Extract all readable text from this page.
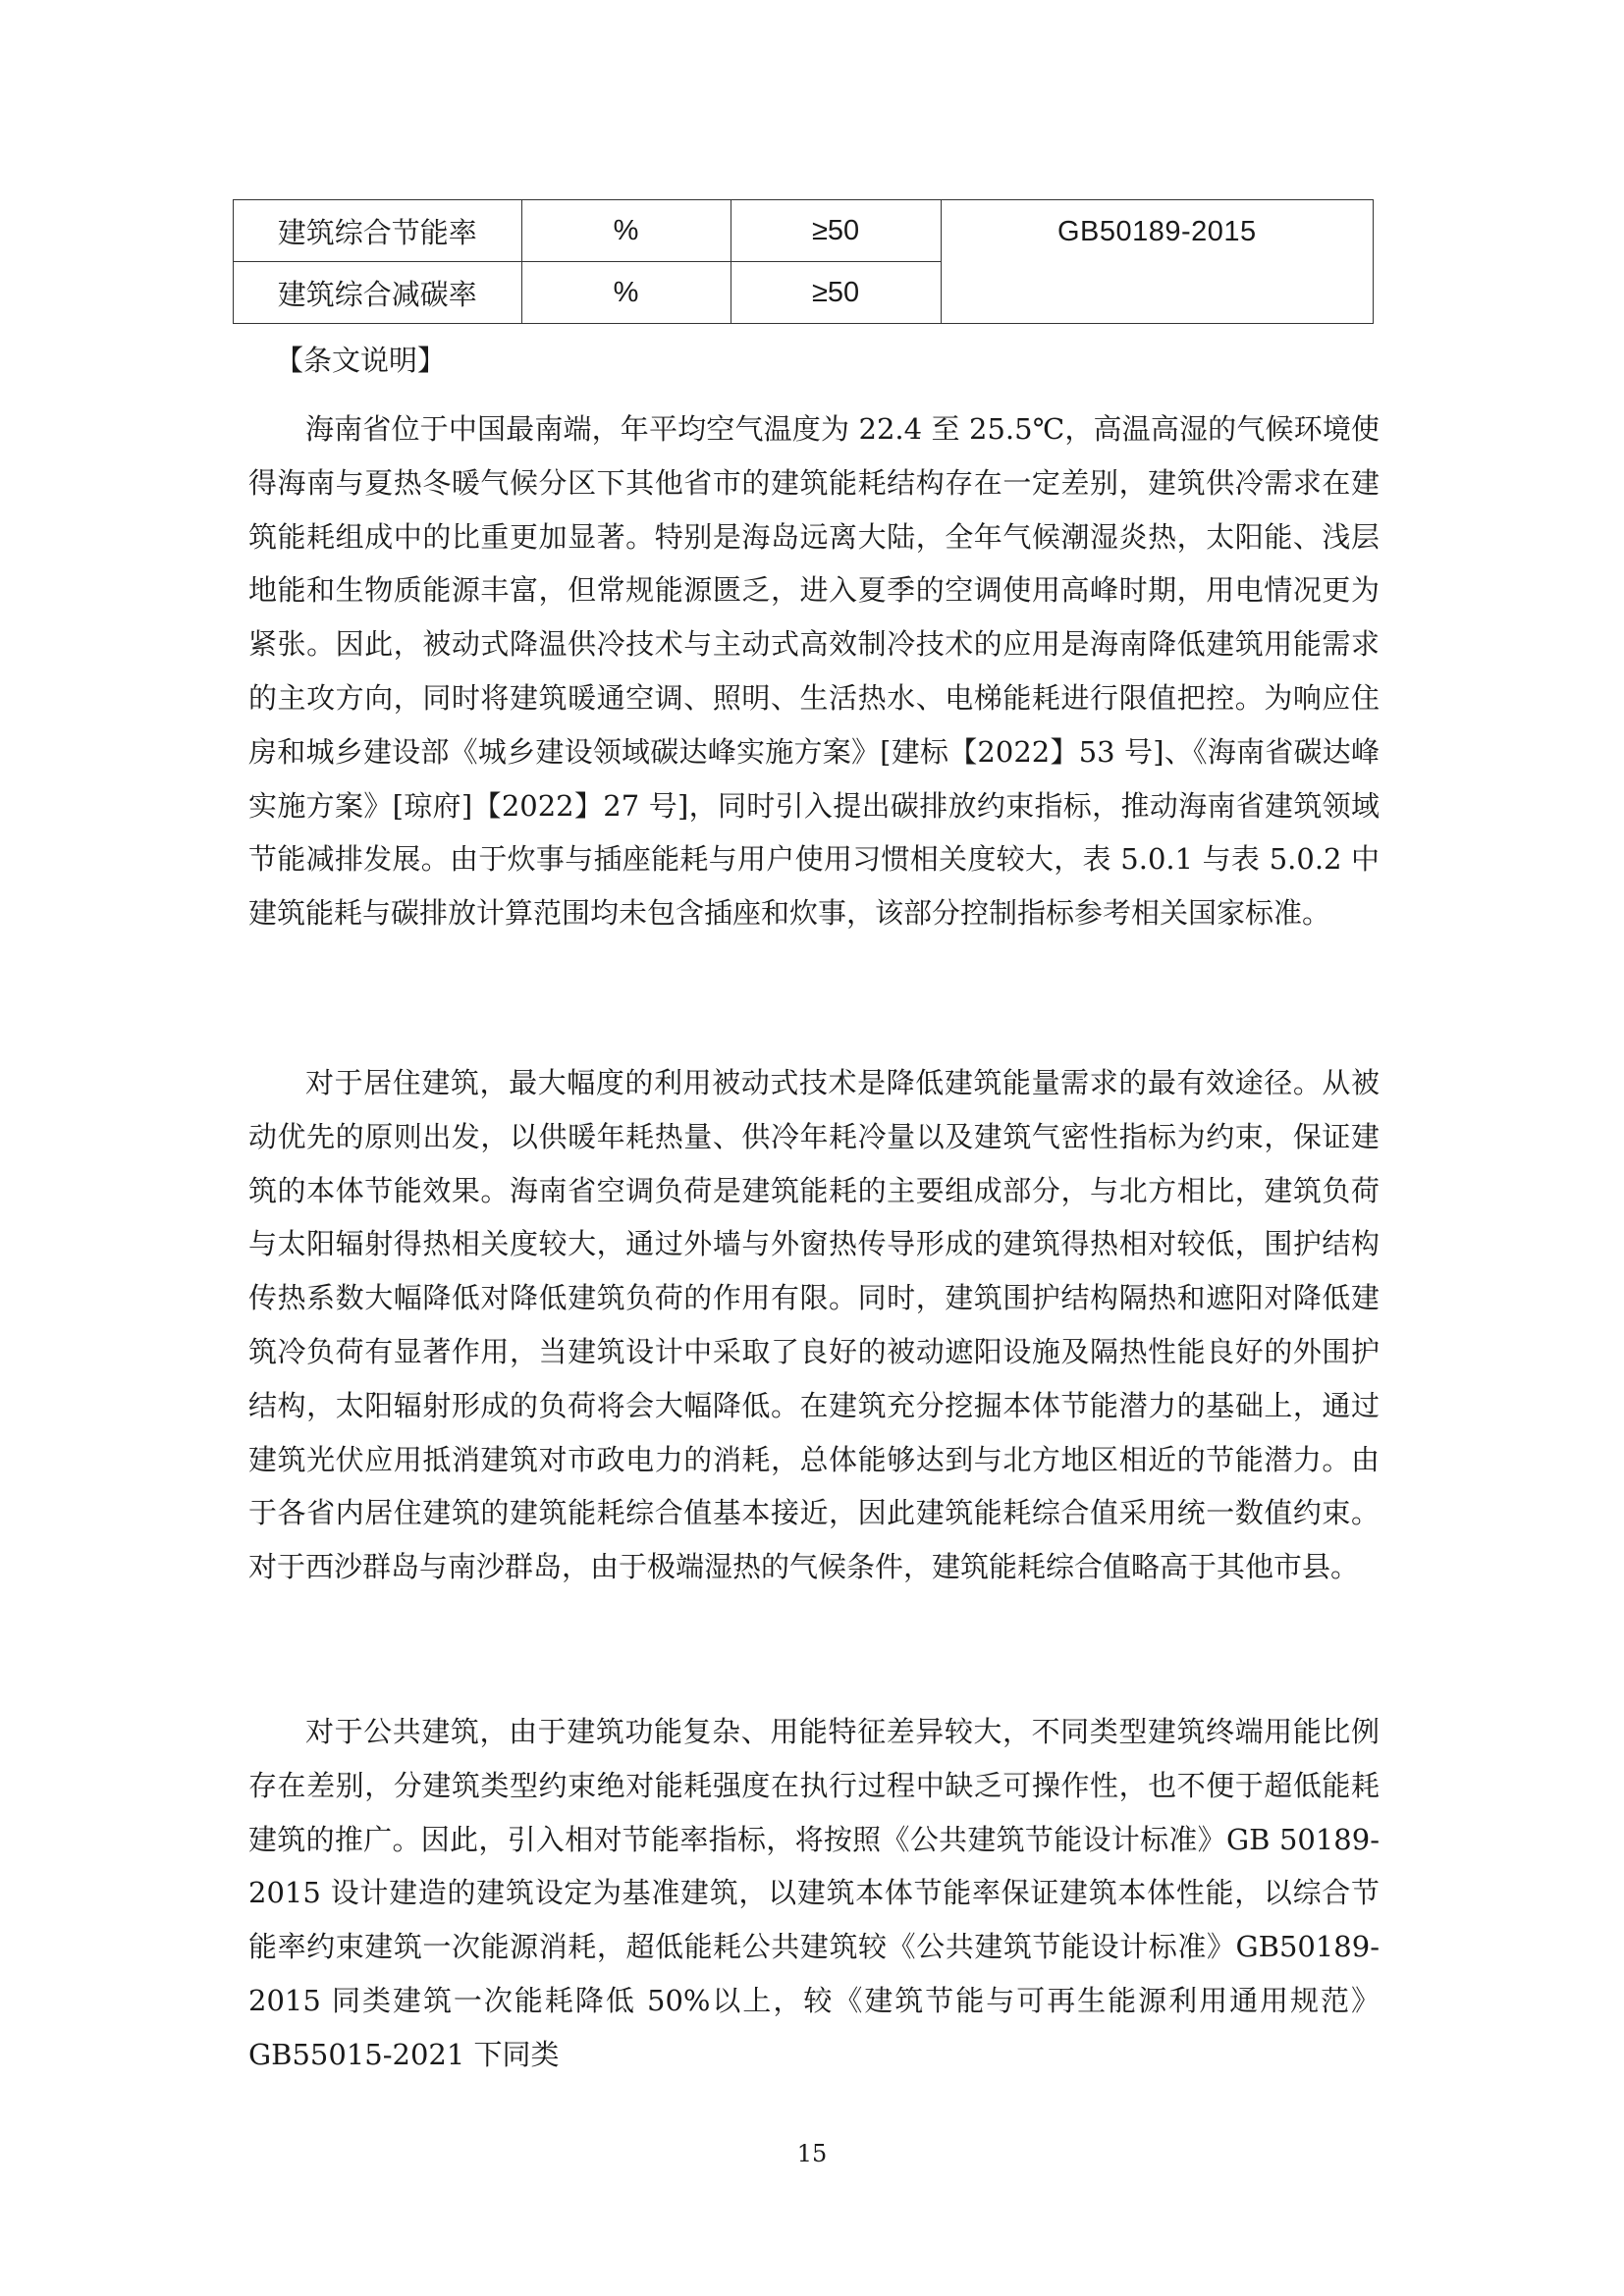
建筑综合节能率	%	≥50	GB50189-2015
建筑综合减碳率	%	≥50	
【条文说明】

海南省位于中国最南端，年平均空气温度为 22.4 至 25.5℃，高温高湿的气候环境使得海南与夏热冬暖气候分区下其他省市的建筑能耗结构存在一定差别，建筑供冷需求在建筑能耗组成中的比重更加显著。特别是海岛远离大陆，全年气候潮湿炎热，太阳能、浅层地能和生物质能源丰富，但常规能源匮乏，进入夏季的空调使用高峰时期，用电情况更为紧张。因此，被动式降温供冷技术与主动式高效制冷技术的应用是海南降低建筑用能需求的主攻方向，同时将建筑暖通空调、照明、生活热水、电梯能耗进行限值把控。为响应住房和城乡建设部《城乡建设领域碳达峰实施方案》[建标【2022】53 号]、《海南省碳达峰实施方案》[琼府]【2022】27 号]，同时引入提出碳排放约束指标，推动海南省建筑领域节能减排发展。由于炊事与插座能耗与用户使用习惯相关度较大，表 5.0.1 与表 5.0.2 中建筑能耗与碳排放计算范围均未包含插座和炊事，该部分控制指标参考相关国家标准。

对于居住建筑，最大幅度的利用被动式技术是降低建筑能量需求的最有效途径。从被动优先的原则出发，以供暖年耗热量、供冷年耗冷量以及建筑气密性指标为约束，保证建筑的本体节能效果。海南省空调负荷是建筑能耗的主要组成部分，与北方相比，建筑负荷与太阳辐射得热相关度较大，通过外墙与外窗热传导形成的建筑得热相对较低，围护结构传热系数大幅降低对降低建筑负荷的作用有限。同时，建筑围护结构隔热和遮阳对降低建筑冷负荷有显著作用，当建筑设计中采取了良好的被动遮阳设施及隔热性能良好的外围护结构，太阳辐射形成的负荷将会大幅降低。在建筑充分挖掘本体节能潜力的基础上，通过建筑光伏应用抵消建筑对市政电力的消耗，总体能够达到与北方地区相近的节能潜力。由于各省内居住建筑的建筑能耗综合值基本接近，因此建筑能耗综合值采用统一数值约束。对于西沙群岛与南沙群岛，由于极端湿热的气候条件，建筑能耗综合值略高于其他市县。

对于公共建筑，由于建筑功能复杂、用能特征差异较大，不同类型建筑终端用能比例存在差别，分建筑类型约束绝对能耗强度在执行过程中缺乏可操作性，也不便于超低能耗建筑的推广。因此，引入相对节能率指标，将按照《公共建筑节能设计标准》GB 50189-2015 设计建造的建筑设定为基准建筑，以建筑本体节能率保证建筑本体性能，以综合节能率约束建筑一次能源消耗，超低能耗公共建筑较《公共建筑节能设计标准》GB50189-2015 同类建筑一次能耗降低 50%以上，较《建筑节能与可再生能源利用通用规范》GB55015-2021 下同类

15
